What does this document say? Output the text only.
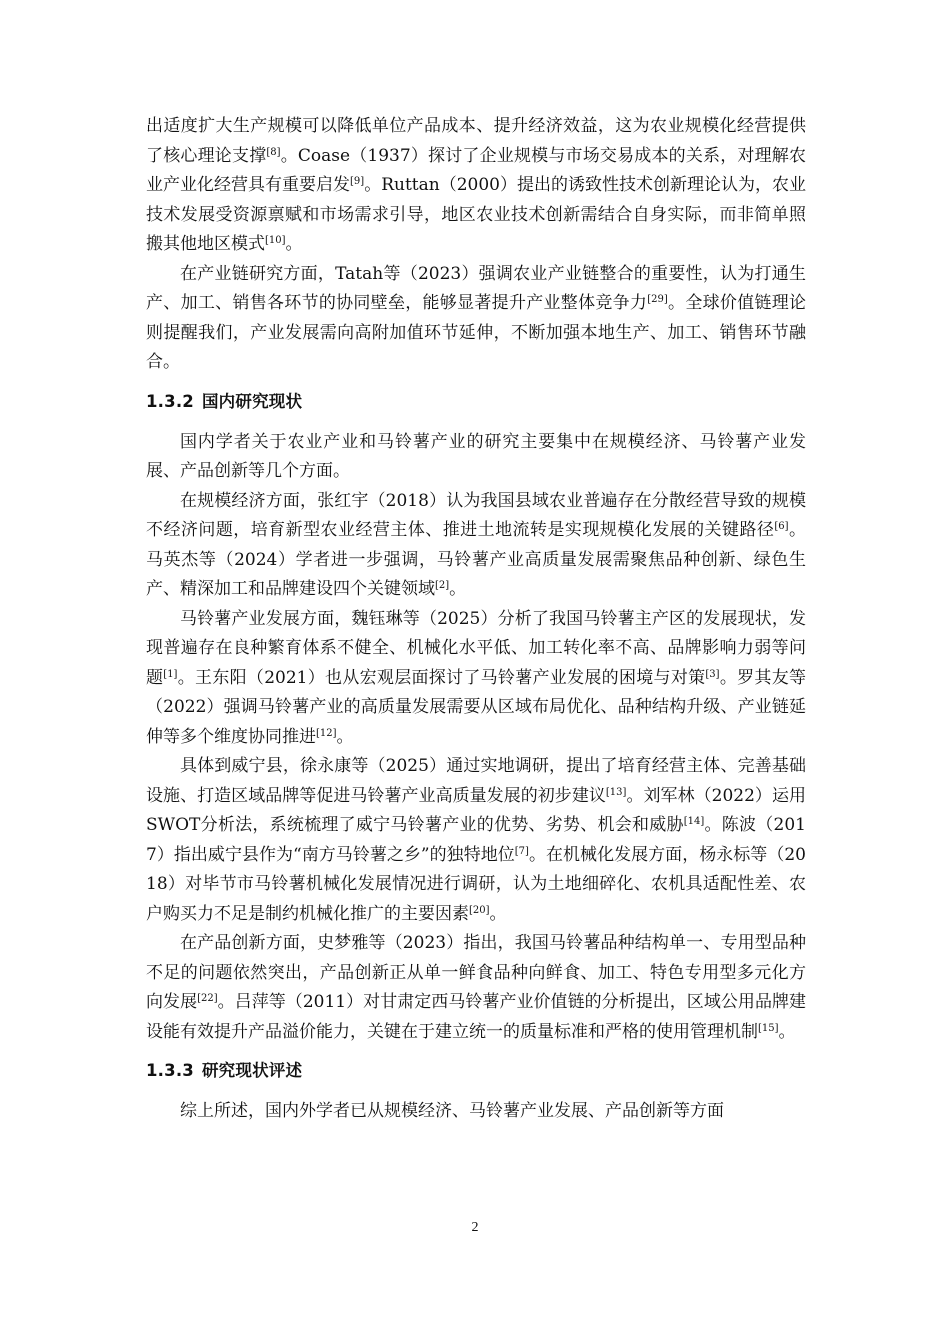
出适度扩大生产规模可以降低单位产品成本、提升经济效益，这为农业规模化经营提供了核心理论支撑[8]。Coase（1937）探讨了企业规模与市场交易成本的关系，对理解农业产业化经营具有重要启发[9]。Ruttan（2000）提出的诱致性技术创新理论认为，农业技术发展受资源禀赋和市场需求引导，地区农业技术创新需结合自身实际，而非简单照搬其他地区模式[10]。

在产业链研究方面，Tatah等（2023）强调农业产业链整合的重要性，认为打通生产、加工、销售各环节的协同壁垒，能够显著提升产业整体竞争力[29]。全球价值链理论则提醒我们，产业发展需向高附加值环节延伸，不断加强本地生产、加工、销售环节融合。

1.3.2 国内研究现状

国内学者关于农业产业和马铃薯产业的研究主要集中在规模经济、马铃薯产业发展、产品创新等几个方面。

在规模经济方面，张红宇（2018）认为我国县域农业普遍存在分散经营导致的规模不经济问题，培育新型农业经营主体、推进土地流转是实现规模化发展的关键路径[6]。马英杰等（2024）学者进一步强调，马铃薯产业高质量发展需聚焦品种创新、绿色生产、精深加工和品牌建设四个关键领域[2]。

马铃薯产业发展方面，魏钰琳等（2025）分析了我国马铃薯主产区的发展现状，发现普遍存在良种繁育体系不健全、机械化水平低、加工转化率不高、品牌影响力弱等问题[1]。王东阳（2021）也从宏观层面探讨了马铃薯产业发展的困境与对策[3]。罗其友等（2022）强调马铃薯产业的高质量发展需要从区域布局优化、品种结构升级、产业链延伸等多个维度协同推进[12]。

具体到威宁县，徐永康等（2025）通过实地调研，提出了培育经营主体、完善基础设施、打造区域品牌等促进马铃薯产业高质量发展的初步建议[13]。刘军林（2022）运用SWOT分析法，系统梳理了威宁马铃薯产业的优势、劣势、机会和威胁[14]。陈波（2017）指出威宁县作为“南方马铃薯之乡”的独特地位[7]。在机械化发展方面，杨永标等（2018）对毕节市马铃薯机械化发展情况进行调研，认为土地细碎化、农机具适配性差、农户购买力不足是制约机械化推广的主要因素[20]。

在产品创新方面，史梦雅等（2023）指出，我国马铃薯品种结构单一、专用型品种不足的问题依然突出，产品创新正从单一鲜食品种向鲜食、加工、特色专用型多元化方向发展[22]。吕萍等（2011）对甘肃定西马铃薯产业价值链的分析提出，区域公用品牌建设能有效提升产品溢价能力，关键在于建立统一的质量标准和严格的使用管理机制[15]。

1.3.3 研究现状评述

综上所述，国内外学者已从规模经济、马铃薯产业发展、产品创新等方面

2
